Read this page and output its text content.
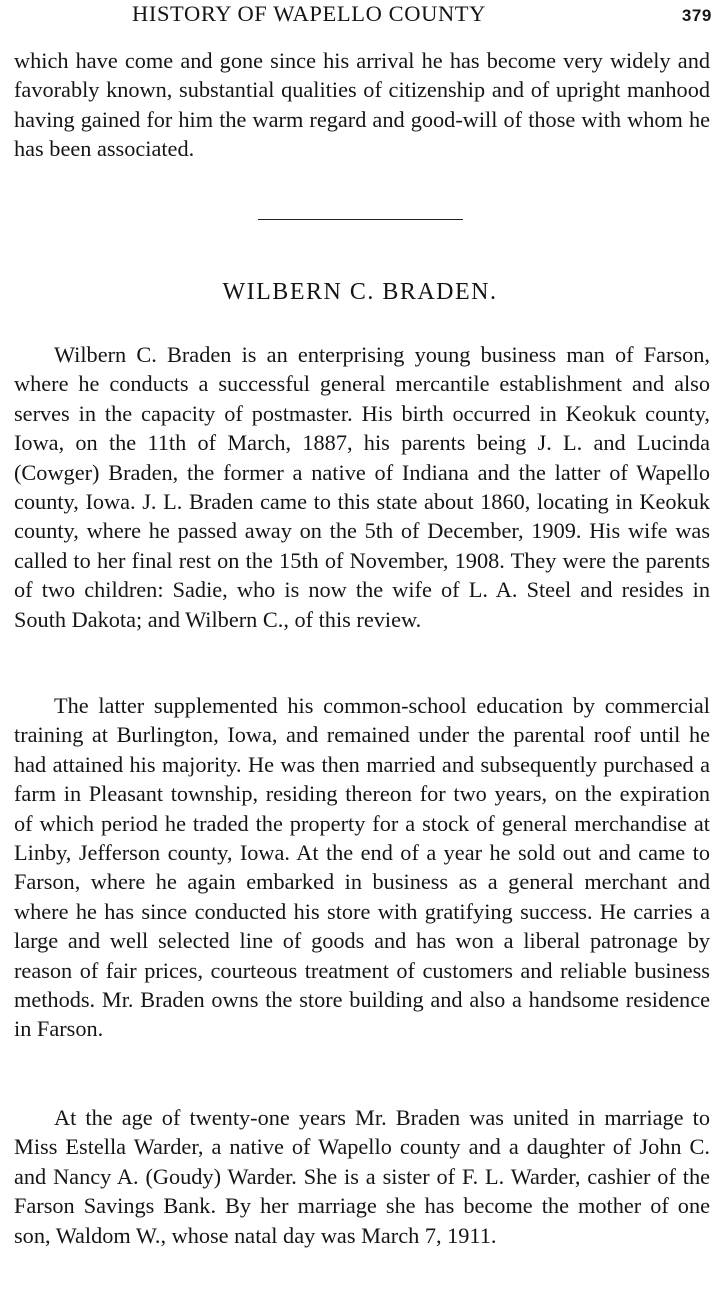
HISTORY OF WAPELLO COUNTY	379

which have come and gone since his arrival he has become very widely and favorably known, substantial qualities of citizenship and of upright manhood having gained for him the warm regard and good-will of those with whom he has been associated.

WILBERN C. BRADEN.

Wilbern C. Braden is an enterprising young business man of Farson, where he conducts a successful general mercantile establishment and also serves in the capacity of postmaster. His birth occurred in Keokuk county, Iowa, on the 11th of March, 1887, his parents being J. L. and Lucinda (Cowger) Braden, the former a native of Indiana and the latter of Wapello county, Iowa. J. L. Braden came to this state about 1860, locating in Keokuk county, where he passed away on the 5th of December, 1909. His wife was called to her final rest on the 15th of November, 1908. They were the parents of two children: Sadie, who is now the wife of L. A. Steel and resides in South Dakota; and Wilbern C., of this review.

The latter supplemented his common-school education by commercial training at Burlington, Iowa, and remained under the parental roof until he had attained his majority. He was then married and subsequently purchased a farm in Pleasant township, residing thereon for two years, on the expiration of which period he traded the property for a stock of general merchandise at Linby, Jefferson county, Iowa. At the end of a year he sold out and came to Farson, where he again embarked in business as a general merchant and where he has since conducted his store with gratifying success. He carries a large and well selected line of goods and has won a liberal patronage by reason of fair prices, courteous treatment of customers and reliable business methods. Mr. Braden owns the store building and also a handsome residence in Farson.

At the age of twenty-one years Mr. Braden was united in marriage to Miss Estella Warder, a native of Wapello county and a daughter of John C. and Nancy A. (Goudy) Warder. She is a sister of F. L. Warder, cashier of the Farson Savings Bank. By her marriage she has become the mother of one son, Waldom W., whose natal day was March 7, 1911.
